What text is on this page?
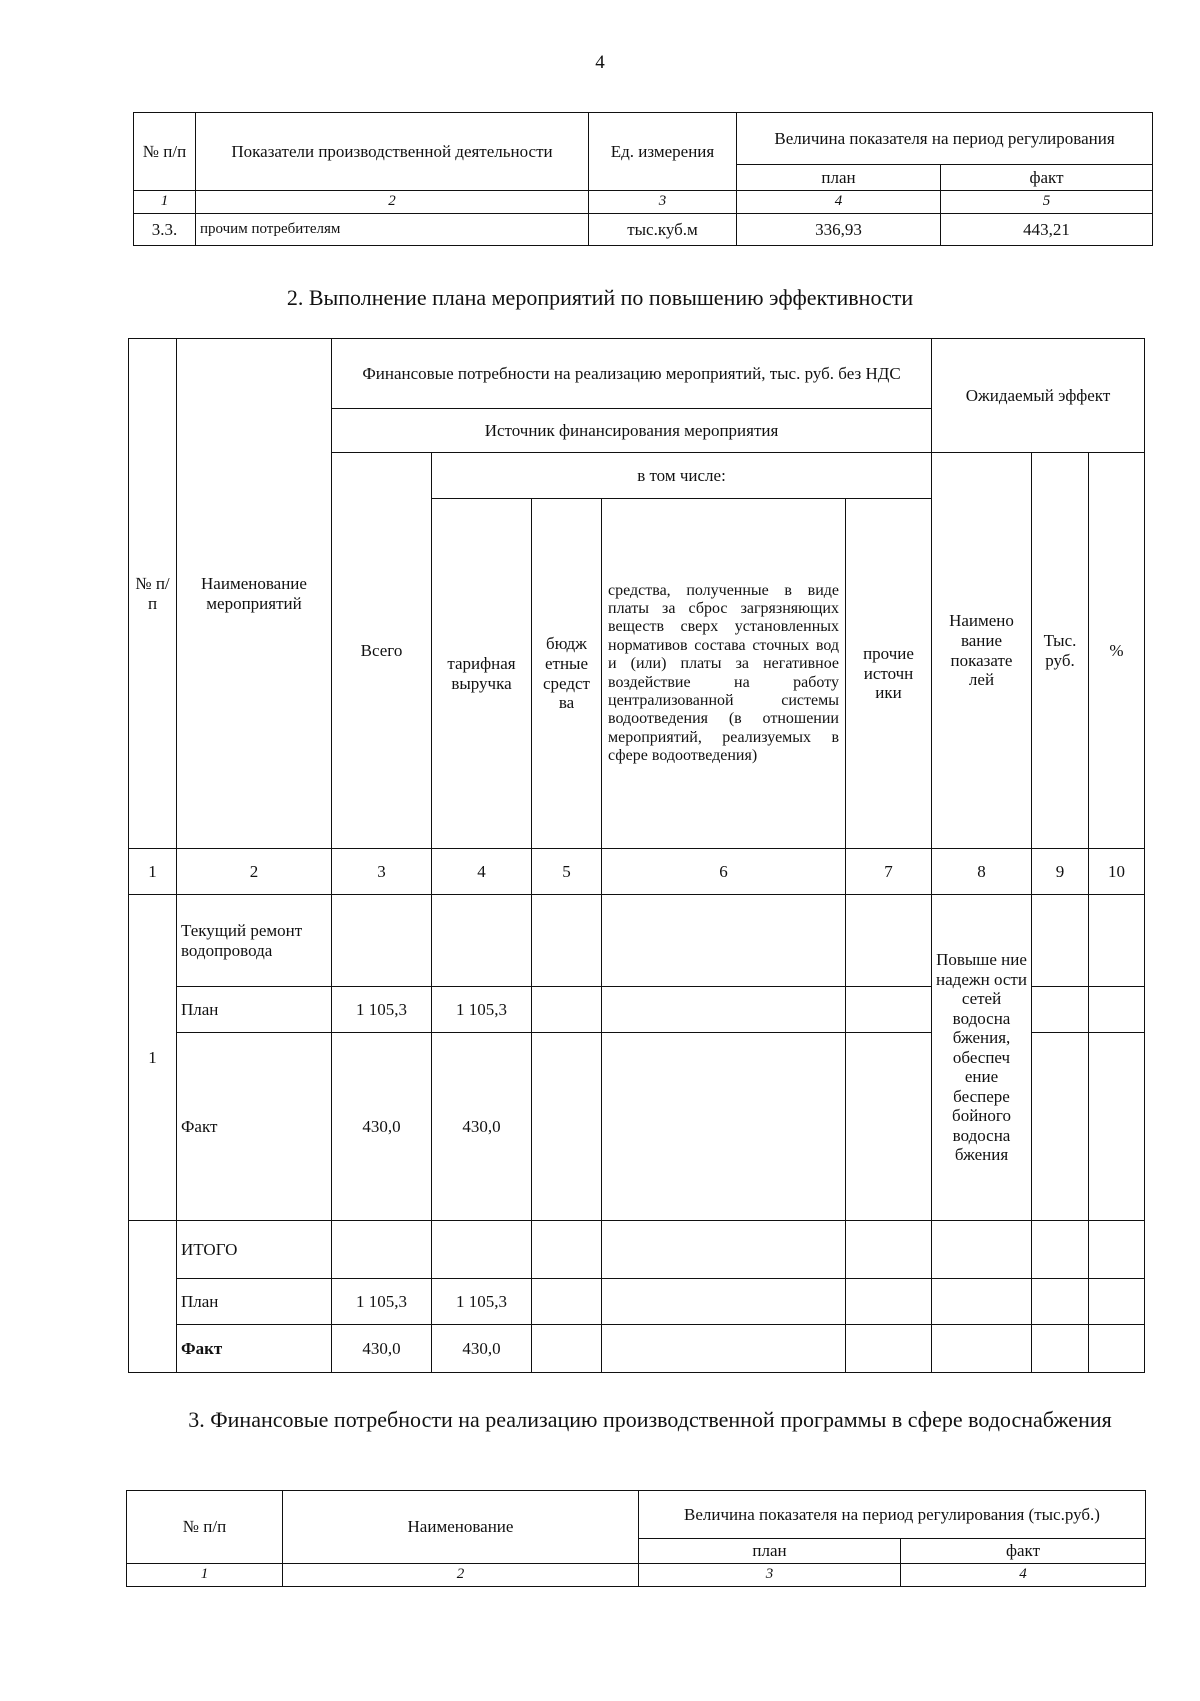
4
№ п/п	Показатели производственной деятельности	Ед. измерения	Величина показателя на период регулирования	
			план	факт
1	2	3	4	5
3.3.	прочим потребителям	тыс.куб.м	336,93	443,21
2. Выполнение плана мероприятий по повышению эффективности
№ п/п	Наименование мероприятий	Финансовые потребности на реализацию мероприятий, тыс. руб. без НДС					Ожидаемый эффект		
		Источник финансирования мероприятия							
		Всего	в том числе:				Наимено вание показате лей	Тыс. руб.	%
			тарифная выручка	бюдж етные средст ва	средства, полученные в виде платы за сброс загрязняющих веществ сверх установленных нормативов состава сточных вод и (или) платы за негативное воздействие на работу централизованной системы водоотведения (в отношении мероприятий, реализуемых в сфере водоотведения)	прочие источн ики			
1	2	3	4	5	6	7	8	9	10
1	Текущий ремонт водопровода						Повыше ние надежн ости сетей водосна бжения, обеспеч ение беспере бойного водосна бжения		
	План	1 105,3	1 105,3						
	Факт	430,0	430,0						
	ИТОГО								
	План	1 105,3	1 105,3						
	Факт	430,0	430,0						
3. Финансовые потребности на реализацию производственной программы в сфере водоснабжения
№ п/п	Наименование	Величина показателя на период регулирования (тыс.руб.)	
		план	факт
1	2	3	4
